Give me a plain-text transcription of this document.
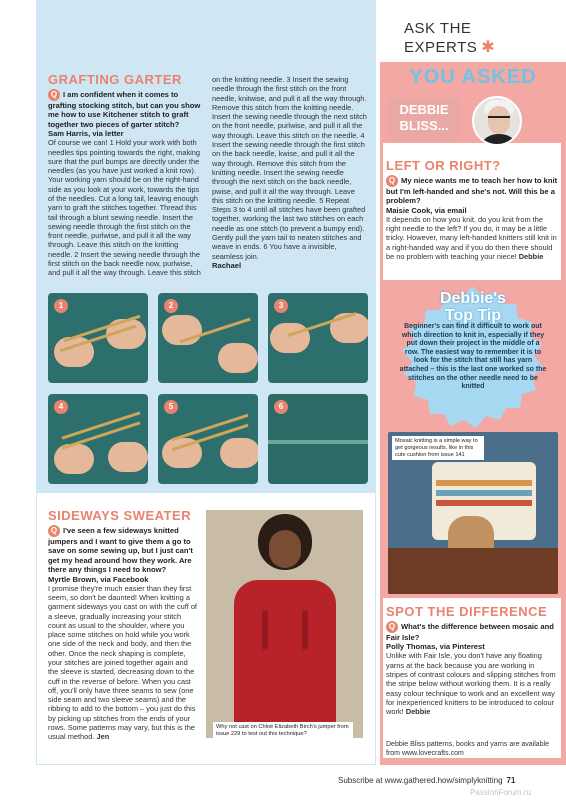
ASK THE EXPERTS ✱
YOU ASKED
DEBBIE
BLISS...
GRAFTING GARTER
Q I am confident when it comes to grafting stocking stitch, but can you show me how to use Kitchener stitch to graft together two pieces of garter stitch?
Sam Harris, via letter
Of course we can! 1 Hold your work with both needles tips pointing towards the right, making sure that the purl bumps are directly under the needles (as you have just worked a knit row). Your working yarn should be on the right-hand side as you look at your work, towards the tips of the needles. Cut a long tail, leaving enough yarn to graft the stitches together. Thread this tail through a blunt sewing needle. Insert the sewing needle through the first stitch on the front needle, purlwise, and pull it all the way through. Leave this stitch on the knitting needle. 2 Insert the sewing needle through the first stitch on the back needle now, purlwise, and pull it all the way through. Leave this stitch
on the knitting needle. 3 Insert the sewing needle through the first stitch on the front needle, knitwise, and pull it all the way through. Remove this stitch from the knitting needle. Insert the sewing needle through the next stitch on the front needle, purlwise, and pull it all the way through. Leave this stitch on the needle. 4 Insert the sewing needle through the first stitch on the back needle, kwise, and pull it all the way through. Remove this stitch from the knitting needle. Insert the sewing needle through the next stitch on the back needle, pwise, and pull it all the way through. Leave this stitch on the knitting needle. 5 Repeat Steps 3 to 4 until all stitches have been grafted together, working the last two stitches on each needle as one stitch (to prevent a bumpy end). Gently pull the yarn tail to neaten stitches and weave in ends. 6 You have a invisible, seamless join.
Rachael
1	2	3
4	5	6
SIDEWAYS SWEATER
Q I've seen a few sideways knitted jumpers and I want to give them a go to save on some sewing up, but I just can't get my head around how they work. Are there any things I need to know?
Myrtle Brown, via Facebook
I promise they're much easier than they first seem, so don't be daunted! When knitting a garment sideways you cast on with the cuff of a sleeve, gradually increasing your stitch count as usual to the shoulder, where you place some stitches on hold while you work one side of the neck and body, and then the other. Once the neck shaping is complete, your stitches are joined together again and the sleeve is started, decreasing down to the cuff in the reverse of before. When you cast off, you'll only have three seams to sew (one side seam and two sleeve seams) and the ribbing to add to the bottom – you just do this by picking up stitches from the ends of your rows. Some patterns may vary, but this is the usual method. Jen
Why not cast on Chloé Elizabeth Birch's jumper from issue 229 to test out this technique?
LEFT OR RIGHT?
Q My niece wants me to teach her how to knit but I'm left-handed and she's not. Will this be a problem?
Maisie Cook, via email
It depends on how you knit, do you knit from the right needle to the left? If you do, it may be a little tricky. However, many left-handed knitters still knit in a right-handed way and if you do then there should be no problem with teaching your niece! Debbie
Debbie's
Top Tip
Beginner's can find it difficult to work out which direction to knit in, especially if they put down their project in the middle of a row. The easiest way to remember it is to look for the stitch that still has yarn attached – this is the last one worked so the stitches on the other needle need to be knitted
Mosaic knitting is a simple way to get gorgeous results, like in this cute cushion from issue 141
SPOT THE DIFFERENCE
Q What's the difference between mosaic and Fair Isle?
Polly Thomas, via Pinterest
Unlike with Fair Isle, you don't have any floating yarns at the back because you are working in stripes of contrast colours and slipping stitches from the stripe below without working them. It is a really easy colour technique to work and an excellent way for inexperienced knitters to be introduced to colour work! Debbie
Debbie Bliss patterns, books and yarns are available from www.lovecrafts.com
Subscribe at www.gathered.how/simplyknitting 71
PassionForum.ru
